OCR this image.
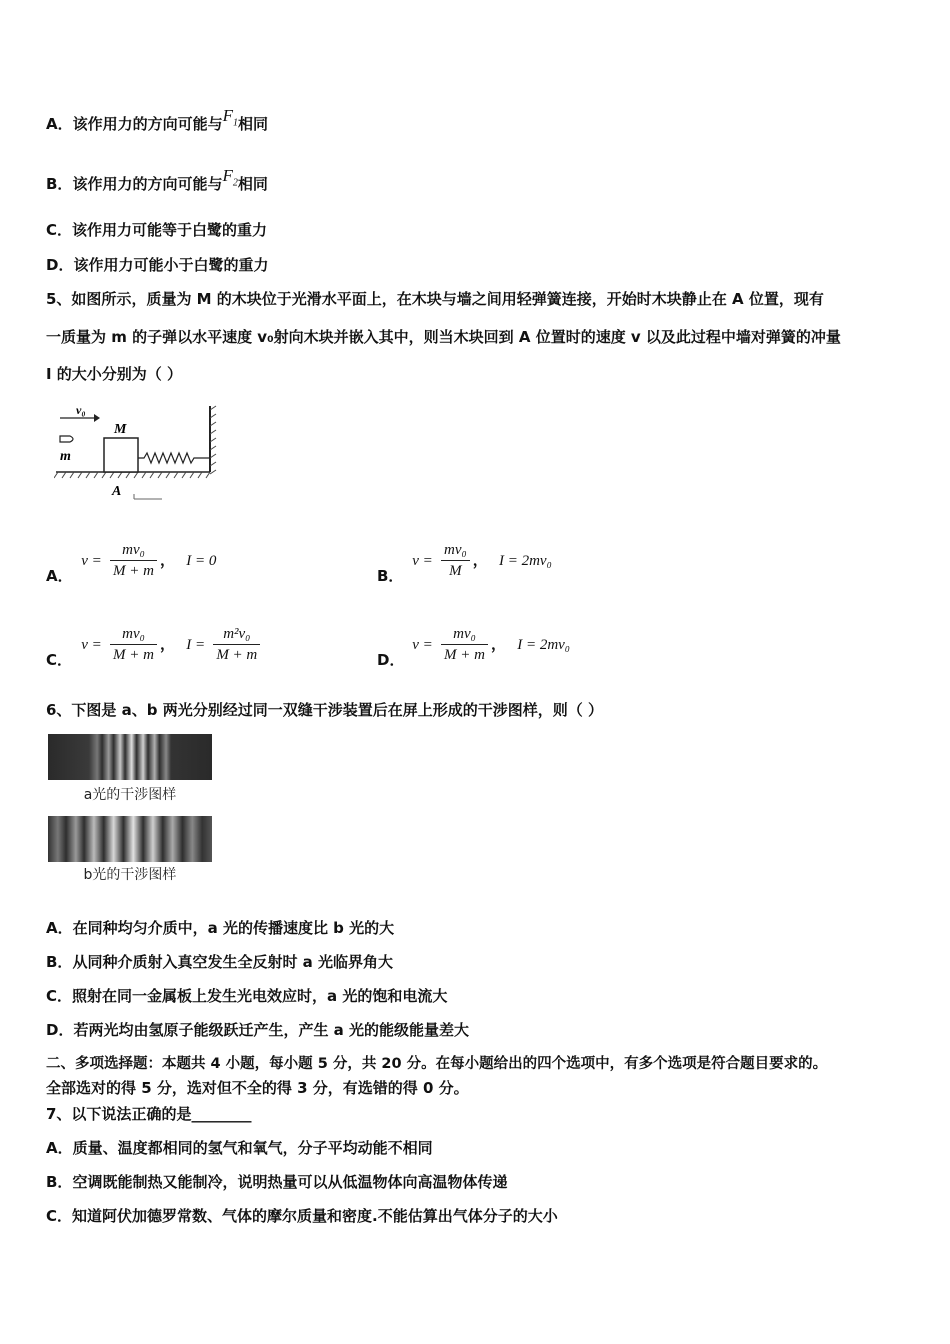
A．该作用力的方向可能与$F_1$相同
B．该作用力的方向可能与$F_2$相同
C．该作用力可能等于白鹭的重力
D．该作用力可能小于白鹭的重力
5、如图所示，质量为 M 的木块位于光滑水平面上，在木块与墙之间用轻弹簧连接，开始时木块静止在 A 位置，现有
一质量为 m 的子弹以水平速度 v₀射向木块并嵌入其中，则当木块回到 A 位置时的速度 v 以及此过程中墙对弹簧的冲量
I 的大小分别为（ ）
v₀
M
m
A
A． $v = \frac{\text{mv₀}}{M + m}$ ， I = 0
B． $v = \frac{\text{mv₀}}{M}$ ， I = 2mv₀
C． $v = \frac{\text{mv₀}}{M + m}$ ， $I = \frac{\text{m²v₀}}{M + m}$	D． $v = \frac{\text{mv₀}}{M + m}$ ， I = 2mv₀
6、下图是 a、b 两光分别经过同一双缝干涉装置后在屏上形成的干涉图样，则（ ）
a光的干涉图样
b光的干涉图样
A．在同种均匀介质中，a 光的传播速度比 b 光的大
B．从同种介质射入真空发生全反射时 a 光临界角大
C．照射在同一金属板上发生光电效应时，a 光的饱和电流大
D．若两光均由氢原子能级跃迁产生，产生 a 光的能级能量差大
二、多项选择题：本题共 4 小题，每小题 5 分，共 20 分。在每小题给出的四个选项中，有多个选项是符合题目要求的。
全部选对的得 5 分，选对但不全的得 3 分，有选错的得 0 分。
7、以下说法正确的是________
A．质量、温度都相同的氢气和氧气，分子平均动能不相同
B．空调既能制热又能制冷，说明热量可以从低温物体向高温物体传递
C．知道阿伏加德罗常数、气体的摩尔质量和密度.不能估算出气体分子的大小
